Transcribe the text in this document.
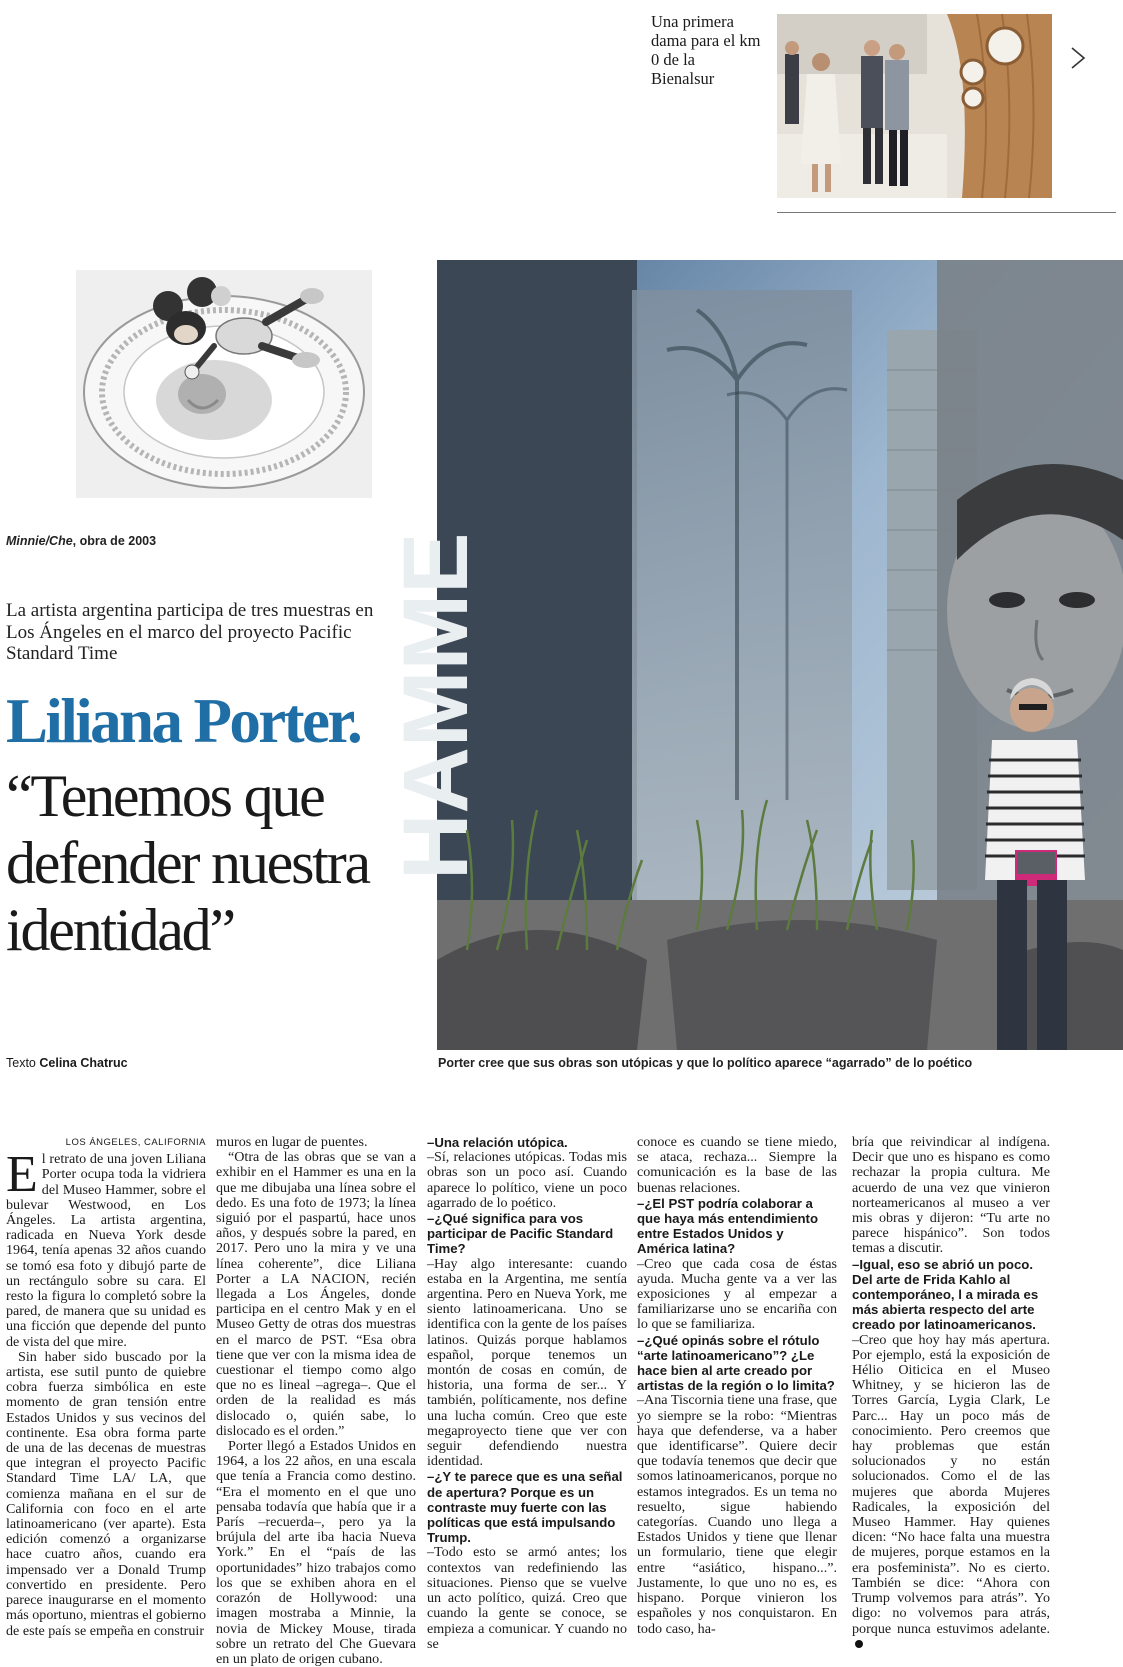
Una primera dama para el km 0 de la Bienalsur
Minnie/Che, obra de 2003
La artista argentina participa de tres muestras en Los Ángeles en el marco del proyecto Pacific Standard Time
Liliana Porter.
“Tenemos que defender nuestra identidad”
Texto Celina Chatruc
HAMME
Porter cree que sus obras son utópicas y que lo político aparece “agarrado” de lo poético
LOS ÁNGELES, CALIFORNIA

El retrato de una joven Liliana Porter ocupa toda la vidriera del Museo Hammer, sobre el bulevar Westwood, en Los Ángeles. La artista argentina, radicada en Nueva York desde 1964, tenía apenas 32 años cuando se tomó esa foto y dibujó parte de un rectángulo sobre su cara. El resto la figura lo completó sobre la pared, de manera que su unidad es una ficción que depende del punto de vista del que mire.

Sin haber sido buscado por la artista, ese sutil punto de quiebre cobra fuerza simbólica en este momento de gran tensión entre Estados Unidos y sus vecinos del continente. Esa obra forma parte de una de las decenas de muestras que integran el proyecto Pacific Standard Time LA/ LA, que comienza mañana en el sur de California con foco en el arte latinoamericano (ver aparte). Esta edición comenzó a organizarse hace cuatro años, cuando era impensado ver a Donald Trump convertido en presidente. Pero parece inaugurarse en el momento más oportuno, mientras el gobierno de este país se empeña en construir

muros en lugar de puentes.

“Otra de las obras que se van a exhibir en el Hammer es una en la que me dibujaba una línea sobre el dedo. Es una foto de 1973; la línea siguió por el paspartú, hace unos años, y después sobre la pared, en 2017. Pero uno la mira y ve una línea coherente”, dice Liliana Porter a LA NACION, recién llegada a Los Ángeles, donde participa en el centro Mak y en el Museo Getty de otras dos muestras en el marco de PST. “Esa obra tiene que ver con la misma idea de cuestionar el tiempo como algo que no es lineal –agrega–. Que el orden de la realidad es más dislocado o, quién sabe, lo dislocado es el orden.”

Porter llegó a Estados Unidos en 1964, a los 22 años, en una escala que tenía a Francia como destino. “Era el momento en el que uno pensaba todavía que había que ir a París –recuerda–, pero ya la brújula del arte iba hacia Nueva York.” En el “país de las oportunidades” hizo trabajos como los que se exhiben ahora en el corazón de Hollywood: una imagen mostraba a Minnie, la novia de Mickey Mouse, tirada sobre un retrato del Che Guevara en un plato de origen cubano.

–Una relación utópica.

–Sí, relaciones utópicas. Todas mis obras son un poco así. Cuando aparece lo político, viene un poco agarrado de lo poético.

–¿Qué significa para vos participar de Pacific Standard Time?

–Hay algo interesante: cuando estaba en la Argentina, me sentía argentina. Pero en Nueva York, me siento latinoamericana. Uno se identifica con la gente de los países latinos. Quizás porque hablamos español, porque tenemos un montón de cosas en común, de historia, una forma de ser... Y también, políticamente, nos define una lucha común. Creo que este megaproyecto tiene que ver con seguir defendiendo nuestra identidad.

–¿Y te parece que es una señal de apertura? Porque es un contraste muy fuerte con las políticas que está impulsando Trump.

–Todo esto se armó antes; los contextos van redefiniendo las situaciones. Pienso que se vuelve un acto político, quizá. Creo que cuando la gente se conoce, se empieza a comunicar. Y cuando no se

conoce es cuando se tiene miedo, se ataca, rechaza... Siempre la comunicación es la base de las buenas relaciones.

–¿El PST podría colaborar a que haya más entendimiento entre Estados Unidos y América latina?

–Creo que cada cosa de éstas ayuda. Mucha gente va a ver las exposiciones y al empezar a familiarizarse uno se encariña con lo que se familiariza.

–¿Qué opinás sobre el rótulo “arte latinoamericano”? ¿Le hace bien al arte creado por artistas de la región o lo limita?

–Ana Tiscornia tiene una frase, que yo siempre se la robo: “Mientras haya que defenderse, va a haber que identificarse”. Quiere decir que todavía tenemos que decir que somos latinoamericanos, porque no estamos integrados. Es un tema no resuelto, sigue habiendo categorías. Cuando uno llega a Estados Unidos y tiene que llenar un formulario, tiene que elegir entre “asiático, hispano...”. Justamente, lo que uno no es, es hispano. Porque vinieron los españoles y nos conquistaron. En todo caso, ha-

bría que reivindicar al indígena. Decir que uno es hispano es como rechazar la propia cultura. Me acuerdo de una vez que vinieron norteamericanos al museo a ver mis obras y dijeron: “Tu arte no parece hispánico”. Son todos temas a discutir.

–Igual, eso se abrió un poco. Del arte de Frida Kahlo al contemporáneo, l a mirada es más abierta respecto del arte creado por latinoamericanos.

–Creo que hoy hay más apertura. Por ejemplo, está la exposición de Hélio Oiticica en el Museo Whitney, y se hicieron las de Torres García, Lygia Clark, Le Parc... Hay un poco más de conocimiento. Pero creemos que hay problemas que están solucionados y no están solucionados. Como el de las mujeres que aborda Mujeres Radicales, la exposición del Museo Hammer. Hay quienes dicen: “No hace falta una muestra de mujeres, porque estamos en la era posfeminista”. No es cierto. También se dice: “Ahora con Trump volvemos para atrás”. Yo digo: no volvemos para atrás, porque nunca estuvimos adelante.
